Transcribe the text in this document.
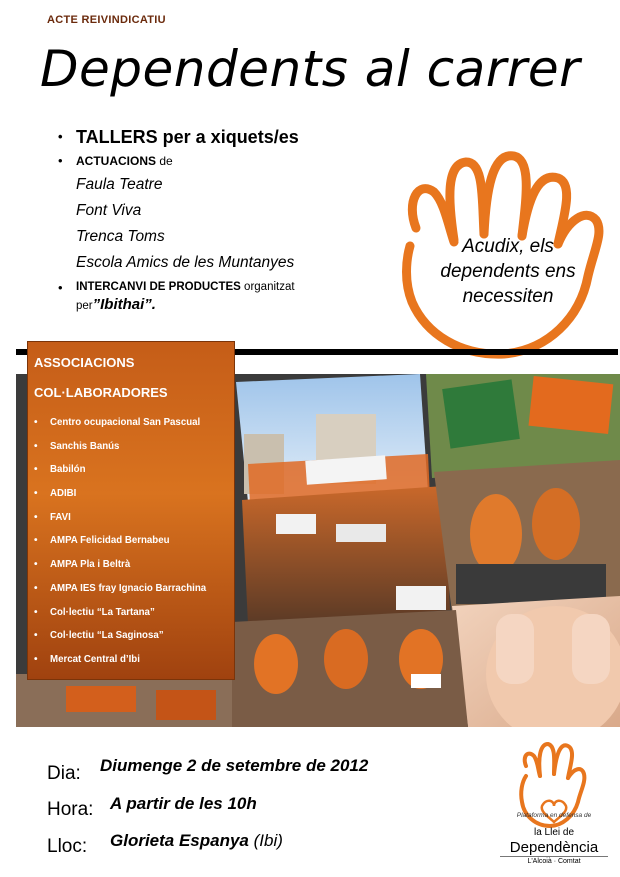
ACTE REIVINDICATIU
Dependents al carrer
• TALLERS per a xiquets/es
• ACTUACIONS de
Faula Teatre
Font Viva
Trenca Toms
Escola Amics de les Muntanyes
• INTERCANVI DE PRODUCTES organitzat per”Ibithai”.
Acudix, els
dependents ens
necessiten
ASSOCIACIONS
COL·LABORADORES
• Centro ocupacional San Pascual
• Sanchis Banús
• Babilón
• ADIBI
• FAVI
• AMPA Felicidad Bernabeu
• AMPA Pla i Beltrà
• AMPA IES fray Ignacio Barrachina
• Col·lectiu “La Tartana”
• Col·lectiu “La Saginosa”
• Mercat Central d’Ibi
Dia: Diumenge 2 de setembre de 2012
Hora: A partir de les 10h
Lloc: Glorieta Espanya (Ibi)
Plataforma en defensa de
la Llei de
Dependència
L'Alcoià · Comtat
